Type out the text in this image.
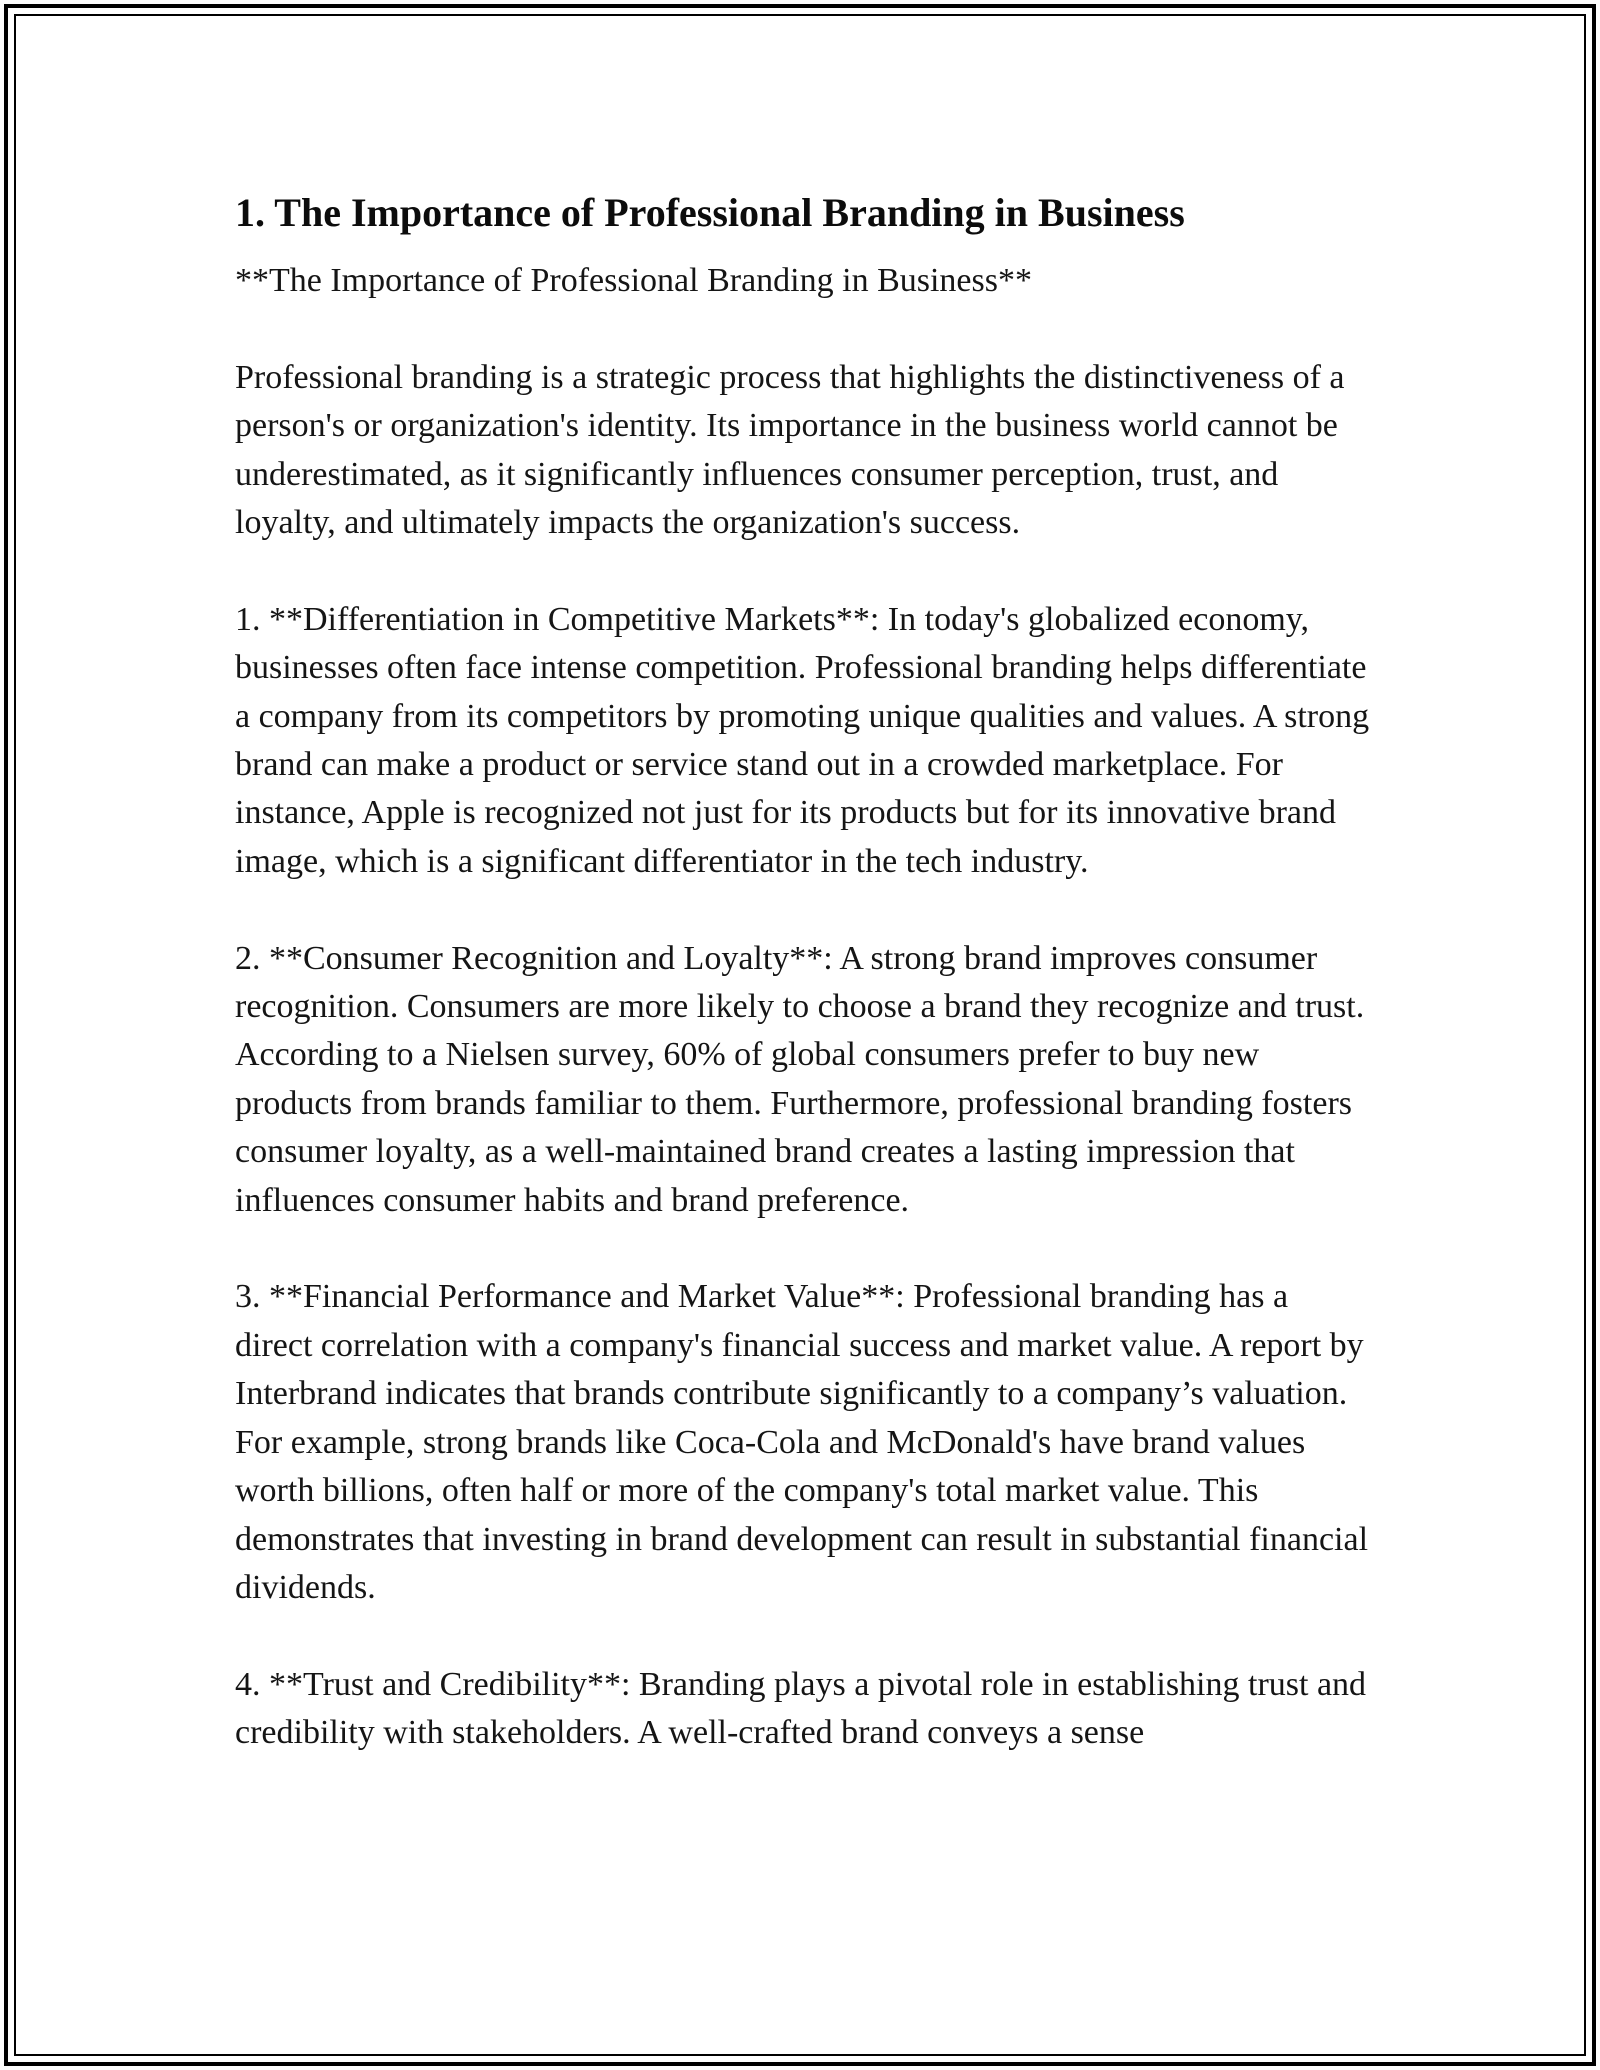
1. The Importance of Professional Branding in Business

**The Importance of Professional Branding in Business**

Professional branding is a strategic process that highlights the distinctiveness of a person's or organization's identity. Its importance in the business world cannot be underestimated, as it significantly influences consumer perception, trust, and loyalty, and ultimately impacts the organization's success.

1. **Differentiation in Competitive Markets**: In today's globalized economy, businesses often face intense competition. Professional branding helps differentiate a company from its competitors by promoting unique qualities and values. A strong brand can make a product or service stand out in a crowded marketplace. For instance, Apple is recognized not just for its products but for its innovative brand image, which is a significant differentiator in the tech industry.

2. **Consumer Recognition and Loyalty**: A strong brand improves consumer recognition. Consumers are more likely to choose a brand they recognize and trust. According to a Nielsen survey, 60% of global consumers prefer to buy new products from brands familiar to them. Furthermore, professional branding fosters consumer loyalty, as a well-maintained brand creates a lasting impression that influences consumer habits and brand preference.

3. **Financial Performance and Market Value**: Professional branding has a direct correlation with a company's financial success and market value. A report by Interbrand indicates that brands contribute significantly to a company’s valuation. For example, strong brands like Coca-Cola and McDonald's have brand values worth billions, often half or more of the company's total market value. This demonstrates that investing in brand development can result in substantial financial dividends.

4. **Trust and Credibility**: Branding plays a pivotal role in establishing trust and credibility with stakeholders. A well-crafted brand conveys a sense
